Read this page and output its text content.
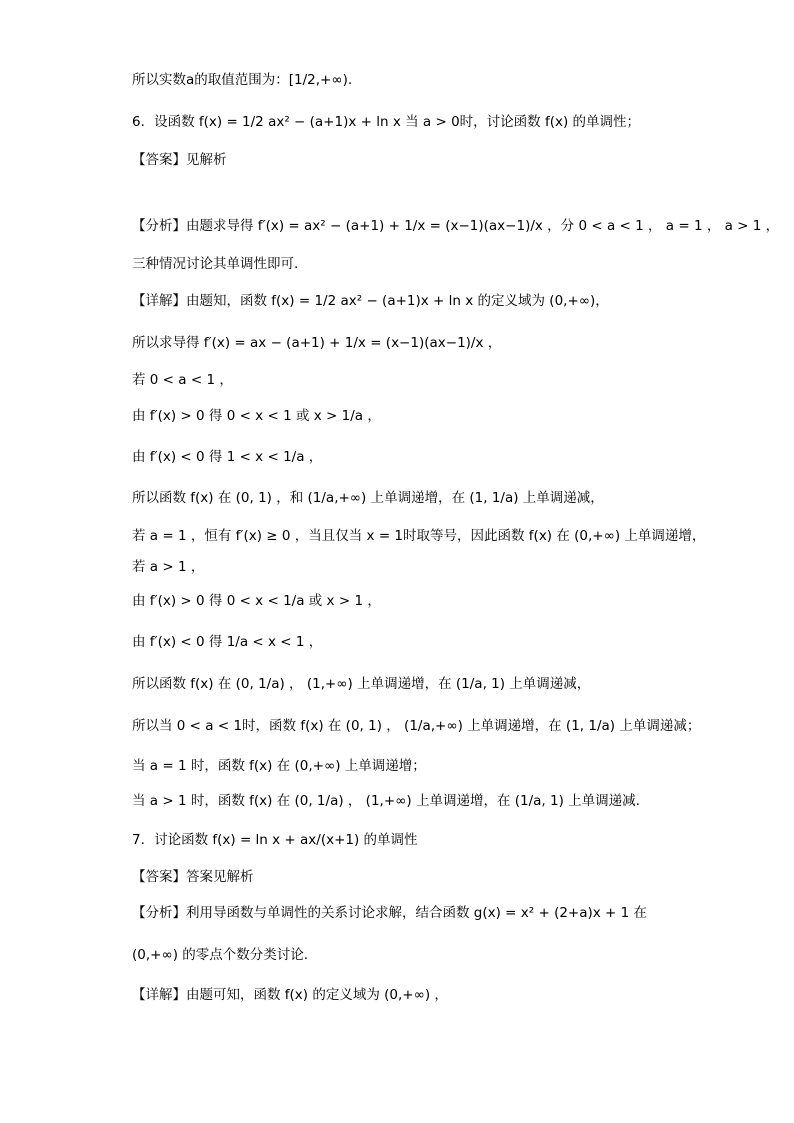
所以实数a的取值范围为：[1/2,+∞).
6．设函数 f(x) = 1/2 ax² − (a+1)x + ln x 当 a > 0时，讨论函数 f(x) 的单调性；
【答案】见解析
【分析】由题求导得 f′(x) = ax² − (a+1) + 1/x = (x−1)(ax−1)/x ，分 0 < a < 1 ， a = 1 ， a > 1 ，
三种情况讨论其单调性即可.
【详解】由题知，函数 f(x) = 1/2 ax² − (a+1)x + ln x 的定义域为 (0,+∞)，
所以求导得 f′(x) = ax − (a+1) + 1/x = (x−1)(ax−1)/x ，
若 0 < a < 1 ，
由 f′(x) > 0 得 0 < x < 1 或 x > 1/a ，
由 f′(x) < 0 得 1 < x < 1/a ，
所以函数 f(x) 在 (0, 1) ，和 (1/a,+∞) 上单调递增，在 (1, 1/a) 上单调递减，
若 a = 1 ，恒有 f′(x) ≥ 0 ，当且仅当 x = 1时取等号，因此函数 f(x) 在 (0,+∞) 上单调递增，
若 a > 1 ，
由 f′(x) > 0 得 0 < x < 1/a 或 x > 1 ，
由 f′(x) < 0 得 1/a < x < 1 ，
所以函数 f(x) 在 (0, 1/a) ， (1,+∞) 上单调递增，在 (1/a, 1) 上单调递减，
所以当 0 < a < 1时，函数 f(x) 在 (0, 1) ， (1/a,+∞) 上单调递增，在 (1, 1/a) 上单调递减；
当 a = 1 时，函数 f(x) 在 (0,+∞) 上单调递增；
当 a > 1 时，函数 f(x) 在 (0, 1/a) ， (1,+∞) 上单调递增，在 (1/a, 1) 上单调递减.
7．讨论函数 f(x) = ln x + ax/(x+1) 的单调性
【答案】答案见解析
【分析】利用导函数与单调性的关系讨论求解，结合函数 g(x) = x² + (2+a)x + 1 在
(0,+∞) 的零点个数分类讨论.
【详解】由题可知，函数 f(x) 的定义域为 (0,+∞) ，
